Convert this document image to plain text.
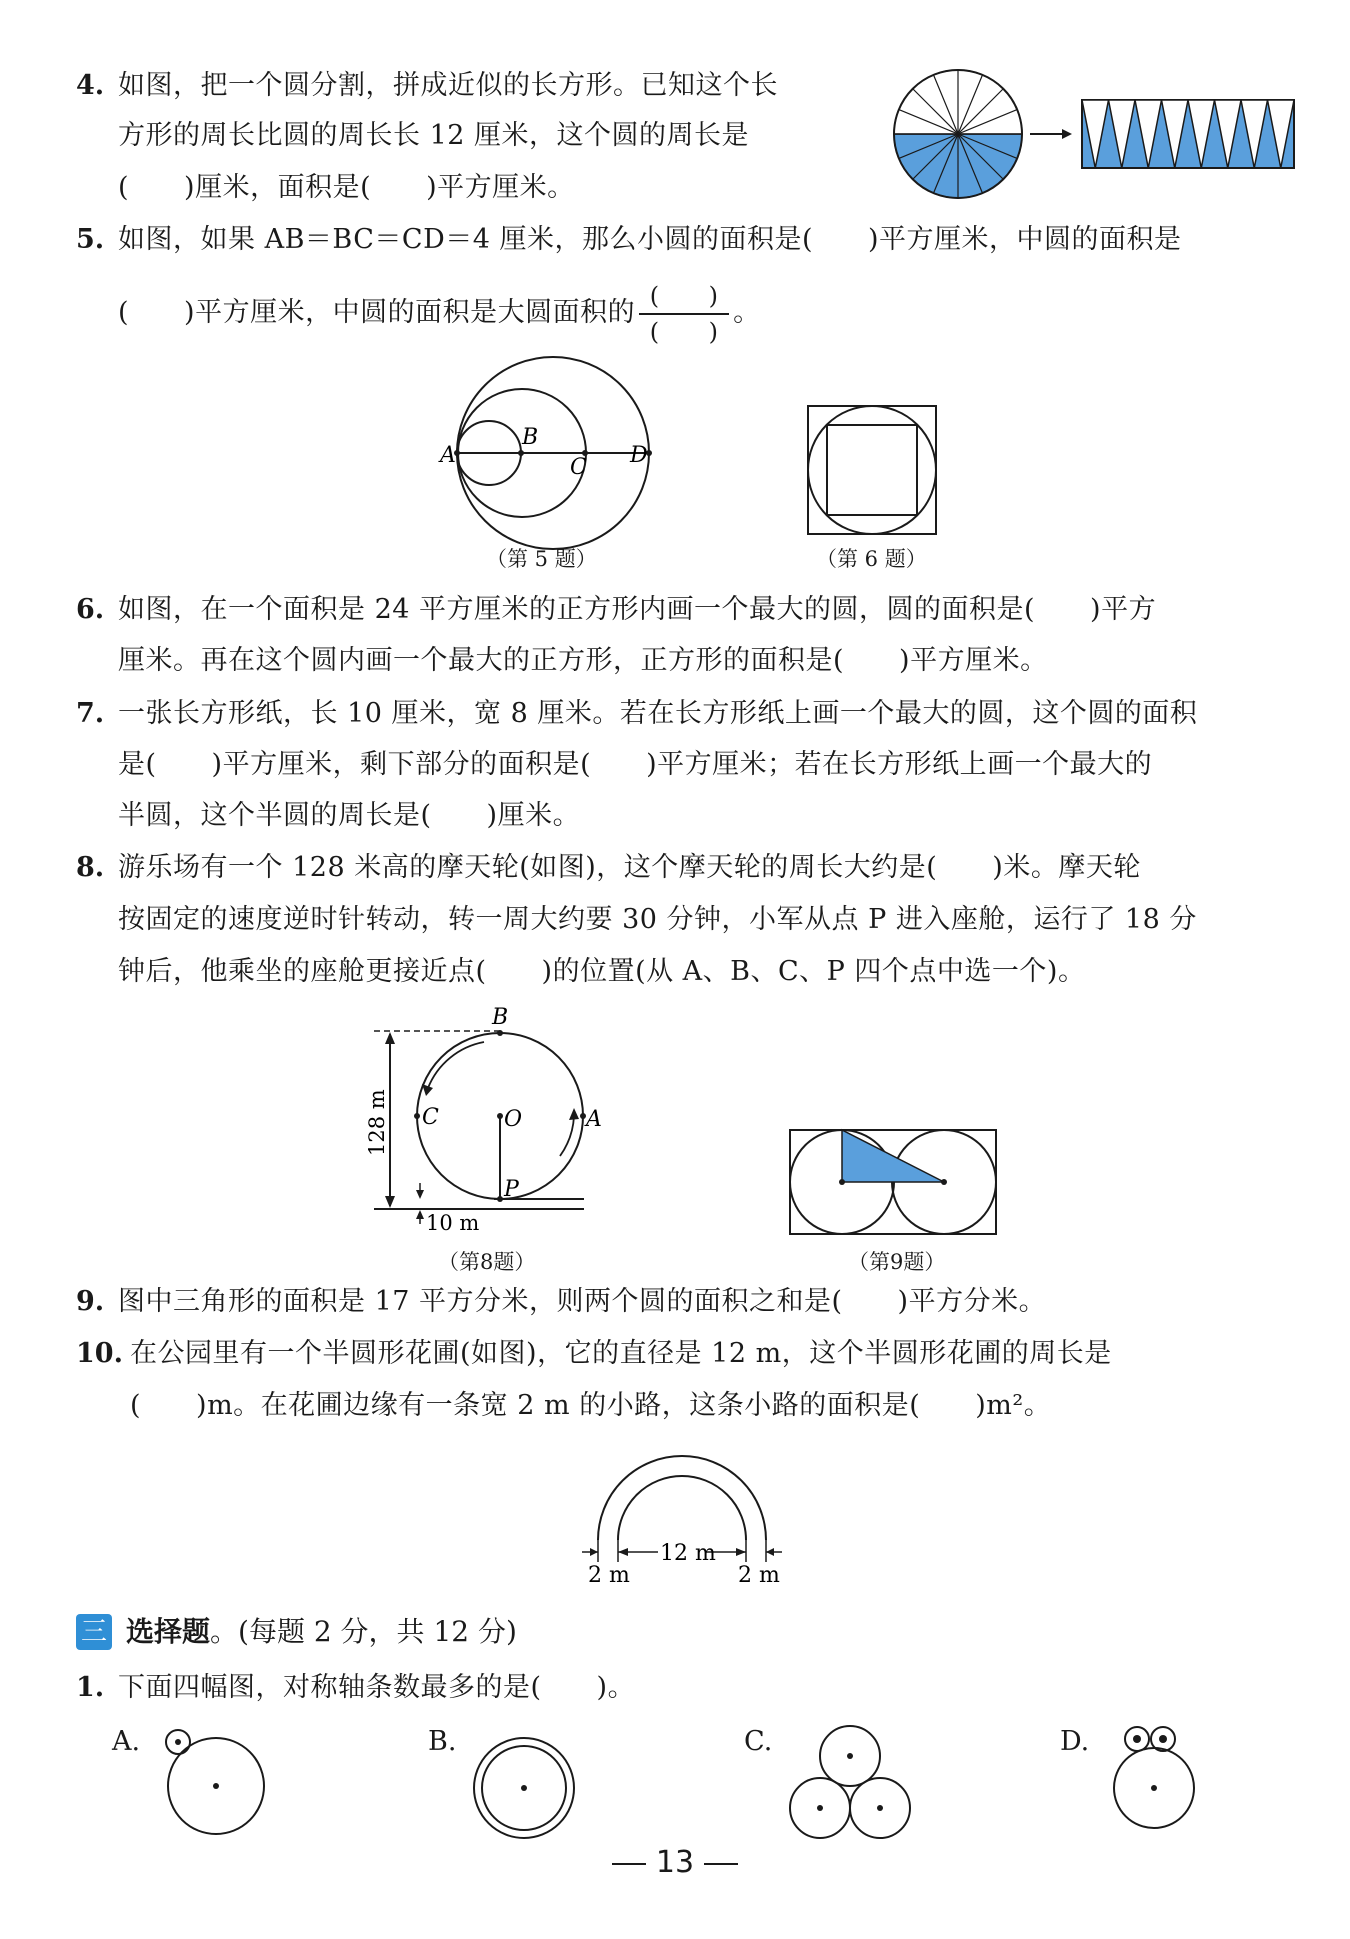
4. 如图，把一个圆分割，拼成近似的长方形。已知这个长
方形的周长比圆的周长长 12 厘米，这个圆的周长是
(　　)厘米，面积是(　　)平方厘米。
5. 如图，如果 AB＝BC＝CD＝4 厘米，那么小圆的面积是(　　)平方厘米，中圆的面积是
(　　)平方厘米，中圆的面积是大圆面积的 $\frac{( )}{( )}$ 。
A
B
C D
（第 5 题）	（第 6 题）
6. 如图，在一个面积是 24 平方厘米的正方形内画一个最大的圆，圆的面积是(　　)平方
厘米。再在这个圆内画一个最大的正方形，正方形的面积是(　　)平方厘米。
7. 一张长方形纸，长 10 厘米，宽 8 厘米。若在长方形纸上画一个最大的圆，这个圆的面积
是(　　)平方厘米，剩下部分的面积是(　　)平方厘米；若在长方形纸上画一个最大的
半圆，这个半圆的周长是(　　)厘米。
8. 游乐场有一个 128 米高的摩天轮(如图)，这个摩天轮的周长大约是(　　)米。摩天轮
按固定的速度逆时针转动，转一周大约要 30 分钟，小军从点 P 进入座舱，运行了 18 分
钟后，他乘坐的座舱更接近点(　　)的位置(从 A、B、C、P 四个点中选一个)。
B
C	O	A
P
128 m
10 m
（第8题）	（第9题）
9. 图中三角形的面积是 17 平方分米，则两个圆的面积之和是(　　)平方分米。
10. 在公园里有一个半圆形花圃(如图)，它的直径是 12 m，这个半圆形花圃的周长是
(　　)m。在花圃边缘有一条宽 2 m 的小路，这条小路的面积是(　　)m²。
12 m
2 m	2 m
三 选择题。(每题 2 分，共 12 分)
1. 下面四幅图，对称轴条数最多的是(　　)。
A.	B.	C.	D.
13
